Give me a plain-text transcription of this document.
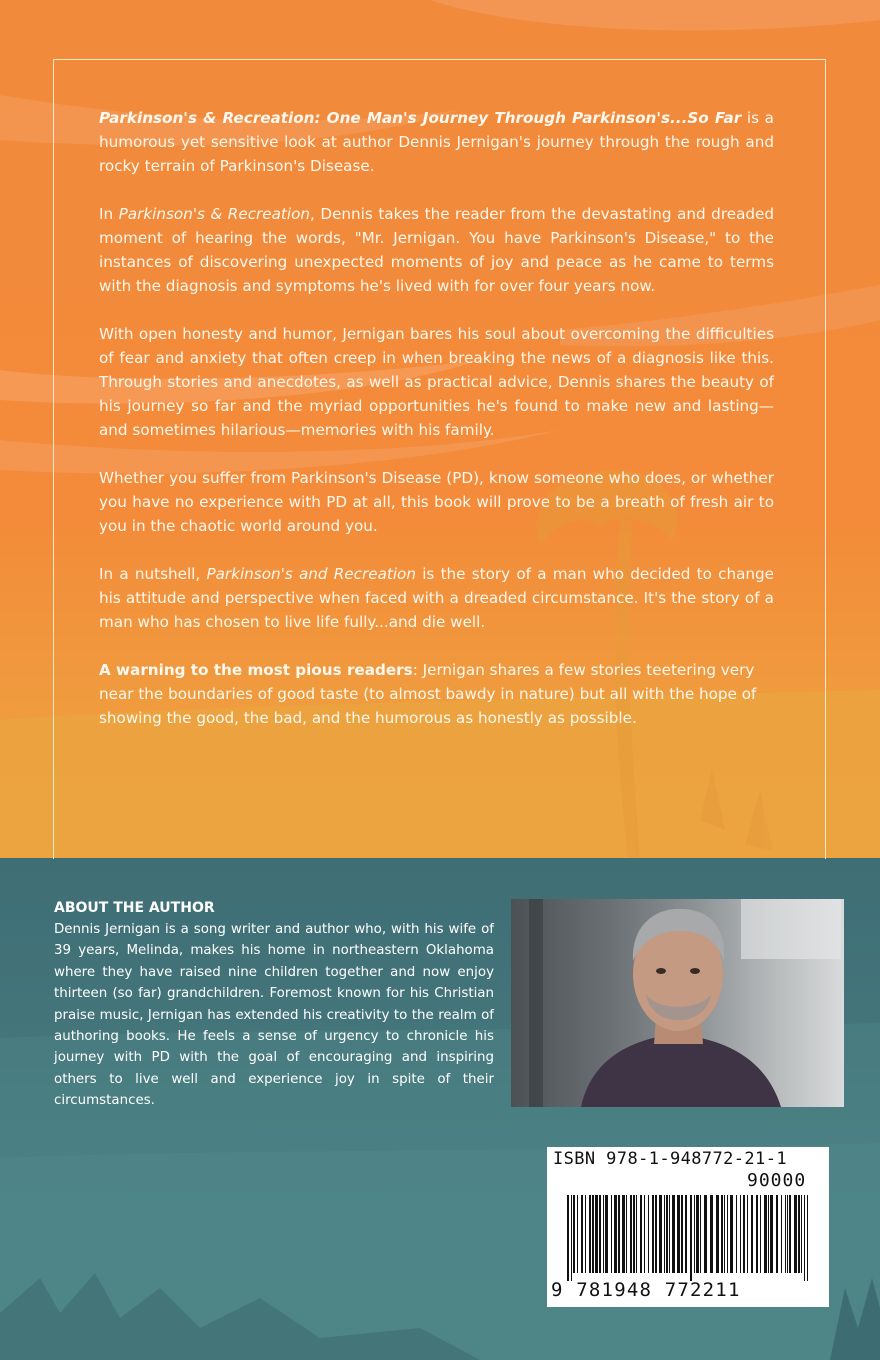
Parkinson's & Recreation: One Man's Journey Through Parkinson's...So Far is a humorous yet sensitive look at author Dennis Jernigan's journey through the rough and rocky terrain of Parkinson's Disease.

In Parkinson's & Recreation, Dennis takes the reader from the devastating and dreaded moment of hearing the words, "Mr. Jernigan. You have Parkinson's Disease," to the instances of discovering unexpected moments of joy and peace as he came to terms with the diagnosis and symptoms he's lived with for over four years now.

With open honesty and humor, Jernigan bares his soul about overcoming the difficulties of fear and anxiety that often creep in when breaking the news of a diagnosis like this. Through stories and anecdotes, as well as practical advice, Dennis shares the beauty of his journey so far and the myriad opportunities he's found to make new and lasting—and sometimes hilarious—memories with his family.

Whether you suffer from Parkinson's Disease (PD), know someone who does, or whether you have no experience with PD at all, this book will prove to be a breath of fresh air to you in the chaotic world around you.

In a nutshell, Parkinson's and Recreation is the story of a man who decided to change his attitude and perspective when faced with a dreaded circumstance. It's the story of a man who has chosen to live life fully...and die well.

A warning to the most pious readers: Jernigan shares a few stories teetering very near the boundaries of good taste (to almost bawdy in nature) but all with the hope of showing the good, the bad, and the humorous as honestly as possible.

ABOUT THE AUTHOR

Dennis Jernigan is a song writer and author who, with his wife of 39 years, Melinda, makes his home in northeastern Oklahoma where they have raised nine children together and now enjoy thirteen (so far) grandchildren. Foremost known for his Christian praise music, Jernigan has extended his creativity to the realm of authoring books. He feels a sense of urgency to chronicle his journey with PD with the goal of encouraging and inspiring others to live well and experience joy in spite of their circumstances.

ISBN 978-1-948772-21-1
90000
9 781948 772211
